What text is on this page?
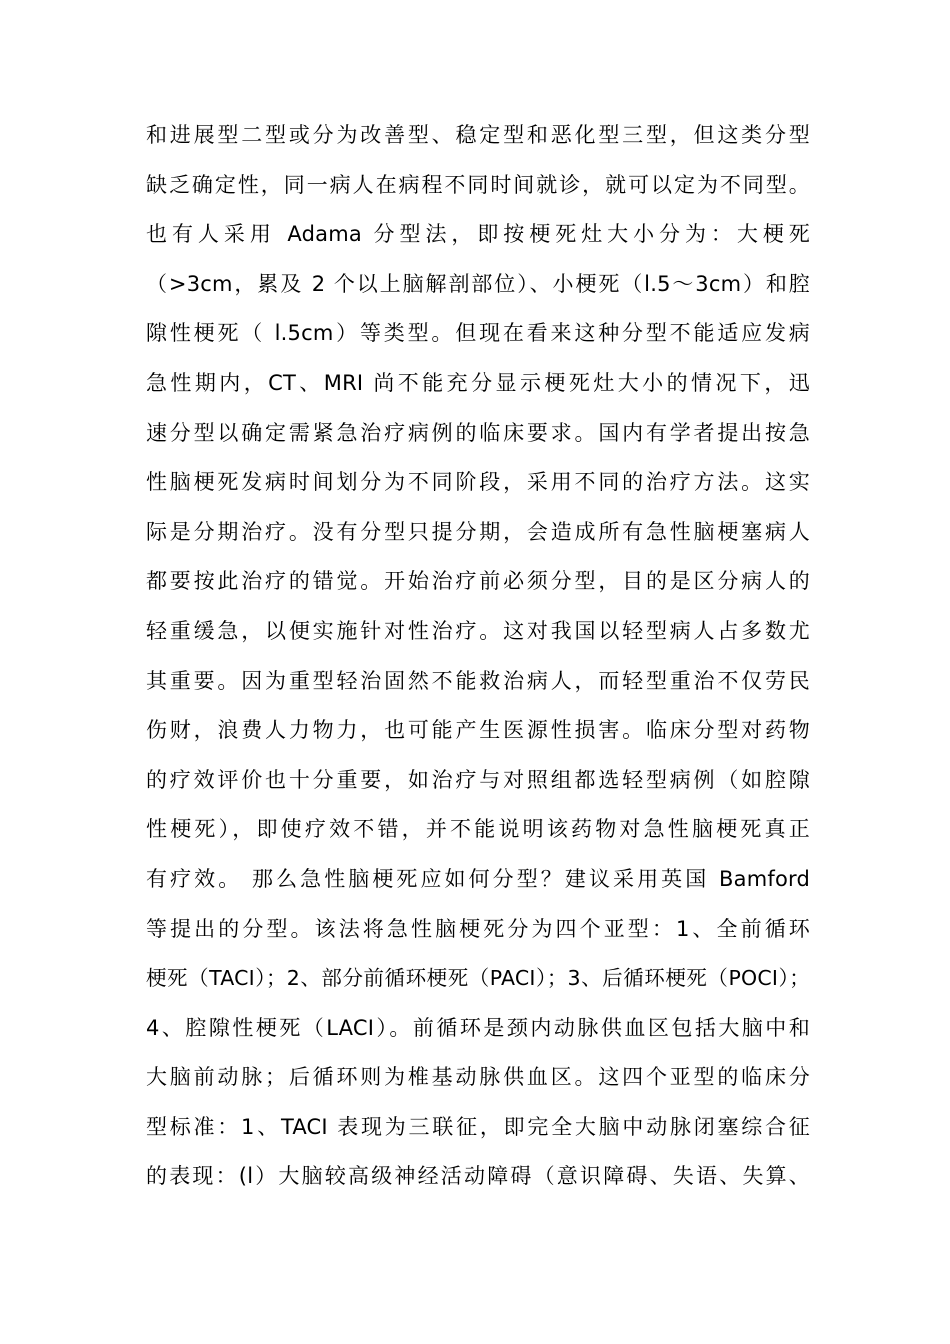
和进展型二型或分为改善型、稳定型和恶化型三型，但这类分型
缺乏确定性，同一病人在病程不同时间就诊，就可以定为不同型。
也有人采用 Adama 分型法，即按梗死灶大小分为：大梗死
（>3cm，累及 2 个以上脑解剖部位）、小梗死（l.5～3cm）和腔
隙性梗死（ l.5cm）等类型。但现在看来这种分型不能适应发病
急性期内，CT、MRI 尚不能充分显示梗死灶大小的情况下，迅
速分型以确定需紧急治疗病例的临床要求。国内有学者提出按急
性脑梗死发病时间划分为不同阶段，采用不同的治疗方法。这实
际是分期治疗。没有分型只提分期，会造成所有急性脑梗塞病人
都要按此治疗的错觉。开始治疗前必须分型，目的是区分病人的
轻重缓急，以便实施针对性治疗。这对我国以轻型病人占多数尤
其重要。因为重型轻治固然不能救治病人，而轻型重治不仅劳民
伤财，浪费人力物力，也可能产生医源性损害。临床分型对药物
的疗效评价也十分重要，如治疗与对照组都选轻型病例（如腔隙
性梗死），即使疗效不错，并不能说明该药物对急性脑梗死真正
有疗效。 那么急性脑梗死应如何分型？建议采用英国 Bamford
等提出的分型。该法将急性脑梗死分为四个亚型：1、全前循环
梗死（TACI）；2、部分前循环梗死（PACI）；3、后循环梗死（POCI）；
4、腔隙性梗死（LACI）。前循环是颈内动脉供血区包括大脑中和
大脑前动脉；后循环则为椎基动脉供血区。这四个亚型的临床分
型标准：1、TACI 表现为三联征，即完全大脑中动脉闭塞综合征
的表现：(l）大脑较高级神经活动障碍（意识障碍、失语、失算、
